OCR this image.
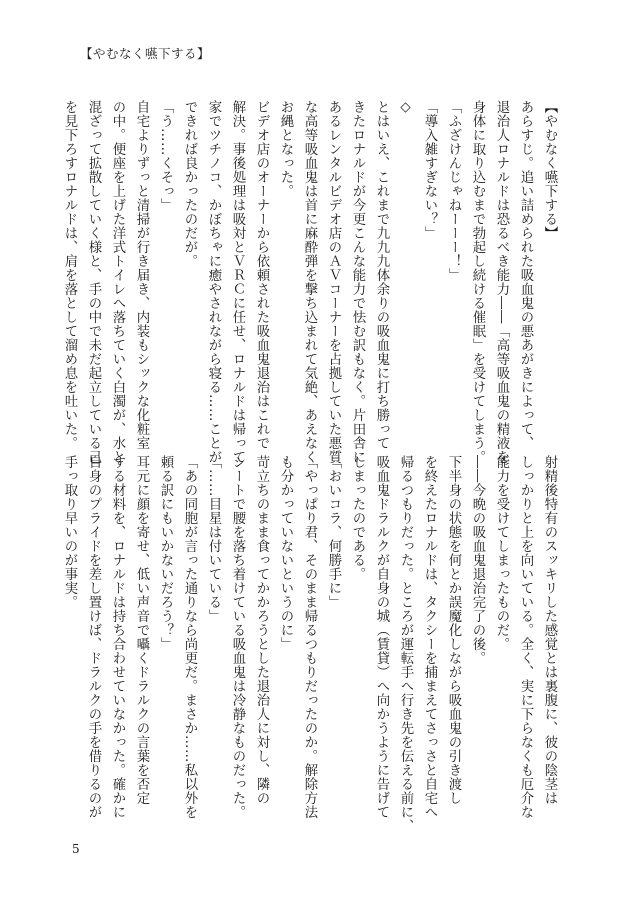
【やむなく嚥下する】
【やむなく嚥下する】
あらすじ。追い詰められた吸血鬼の悪あがきによって、
退治人ロナルドは恐るべき能力――「高等吸血鬼の精液を
身体に取り込むまで勃起し続ける催眠」を受けてしまう。
「ふざけんじゃねーーー！」
「導入雑すぎない？」
◇
とはいえ、これまで九九九体余りの吸血鬼に打ち勝って
きたロナルドが今更こんな能力で怯む訳もなく。片田舎に
あるレンタルビデオ店のＡＶコーナーを占拠していた悪質
な高等吸血鬼は首に麻酔弾を撃ち込まれて気絶、あえなく
お縄となった。
ビデオ店のオーナーから依頼された吸血鬼退治はこれで
解決。事後処理は吸対とＶＲＣに任せ、ロナルドは帰って
家でツチノコ、かぼちゃに癒やされながら寝る……ことが
できれば良かったのだが。
「う……くそっ」
自宅よりずっと清掃が行き届き、内装もシックな化粧室
の中。便座を上げた洋式トイレへ落ちていく白濁が、水と
混ざって拡散していく様と、手の中で未だ起立している己
を見下ろすロナルドは、肩を落として溜め息を吐いた。
射精後特有のスッキリした感覚とは裏腹に、彼の陰茎は
しっかりと上を向いている。全く、実に下らなくも厄介な
能力を受けてしまったものだ。
――今晩の吸血鬼退治完了の後。
下半身の状態を何とか誤魔化しながら吸血鬼の引き渡し
を終えたロナルドは、タクシーを捕まえてさっさと自宅へ
帰るつもりだった。ところが運転手へ行き先を伝える前に、
吸血鬼ドラルクが自身の城（賃貸）へ向かうように告げて
しまったのである。
「おいコラ、何勝手に」
「やっぱり君、そのまま帰るつもりだったのか。解除方法
も分かっていないというのに」
苛立ちのまま食ってかかろうとした退治人に対し、隣の
シートで腰を落ち着けている吸血鬼は冷静なものだった。
「……目星は付いている」
「あの同胞が言った通りなら尚更だ。まさか……私以外を
頼る訳にもいかないだろう？」
耳元に顔を寄せ、低い声音で囁くドラルクの言葉を否定
する材料を、ロナルドは持ち合わせていなかった。確かに
自身のプライドを差し置けば、ドラルクの手を借りるのが
手っ取り早いのが事実。
5
